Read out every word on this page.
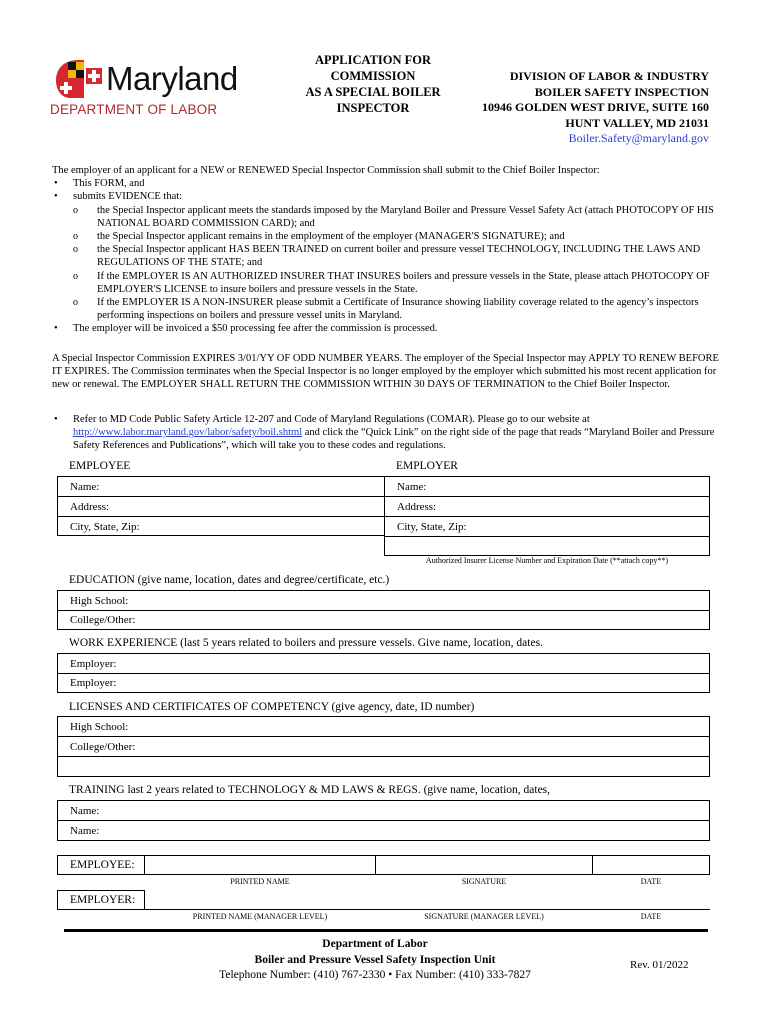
Maryland
DEPARTMENT OF LABOR
APPLICATION FOR
COMMISSION
AS A SPECIAL BOILER
INSPECTOR
DIVISION OF LABOR & INDUSTRY
BOILER SAFETY INSPECTION
10946 GOLDEN WEST DRIVE, SUITE 160
HUNT VALLEY, MD 21031
Boiler.Safety@maryland.gov
The employer of an applicant for a NEW or RENEWED Special Inspector Commission shall submit to the Chief Boiler Inspector:
• This FORM, and
• submits EVIDENCE that:
o the Special Inspector applicant meets the standards imposed by the Maryland Boiler and Pressure Vessel Safety Act (attach PHOTOCOPY OF HIS NATIONAL BOARD COMMISSION CARD); and
o the Special Inspector applicant remains in the employment of the employer (MANAGER'S SIGNATURE); and
o the Special Inspector applicant HAS BEEN TRAINED on current boiler and pressure vessel TECHNOLOGY, INCLUDING THE LAWS AND REGULATIONS OF THE STATE; and
o If the EMPLOYER IS AN AUTHORIZED INSURER THAT INSURES boilers and pressure vessels in the State, please attach PHOTOCOPY OF EMPLOYER'S LICENSE to insure boilers and pressure vessels in the State.
o If the EMPLOYER IS A NON-INSURER please submit a Certificate of Insurance showing liability coverage related to the agency’s inspectors performing inspections on boilers and pressure vessel units in Maryland.
• The employer will be invoiced a $50 processing fee after the commission is processed.
A Special Inspector Commission EXPIRES 3/01/YY OF ODD NUMBER YEARS. The employer of the Special Inspector may APPLY TO RENEW BEFORE IT EXPIRES. The Commission terminates when the Special Inspector is no longer employed by the employer which submitted his most recent application for new or renewal. The EMPLOYER SHALL RETURN THE COMMISSION WITHIN 30 DAYS OF TERMINATION to the Chief Boiler Inspector.
• Refer to MD Code Public Safety Article 12-207 and Code of Maryland Regulations (COMAR). Please go to our website at http://www.labor.maryland.gov/labor/safety/boil.shtml and click the “Quick Link” on the right side of the page that reads “Maryland Boiler and Pressure Safety References and Publications”, which will take you to these codes and regulations.
EMPLOYEE	EMPLOYER
Name:
Address:
City, State, Zip:
Name:
Address:
City, State, Zip:
Authorized Insurer License Number and Expiration Date (**attach copy**)
EDUCATION (give name, location, dates and degree/certificate, etc.)
High School:
College/Other:
WORK EXPERIENCE (last 5 years related to boilers and pressure vessels. Give name, location, dates.
Employer:
Employer:
LICENSES AND CERTIFICATES OF COMPETENCY (give agency, date, ID number)
High School:
College/Other:
TRAINING last 2 years related to TECHNOLOGY & MD LAWS & REGS. (give name, location, dates,
Name:
Name:
EMPLOYEE:
PRINTED NAME	SIGNATURE	DATE
EMPLOYER:
PRINTED NAME (MANAGER LEVEL)	SIGNATURE (MANAGER LEVEL)	DATE
Department of Labor
Boiler and Pressure Vessel Safety Inspection Unit
Telephone Number: (410) 767-2330 • Fax Number: (410) 333-7827
Rev. 01/2022
